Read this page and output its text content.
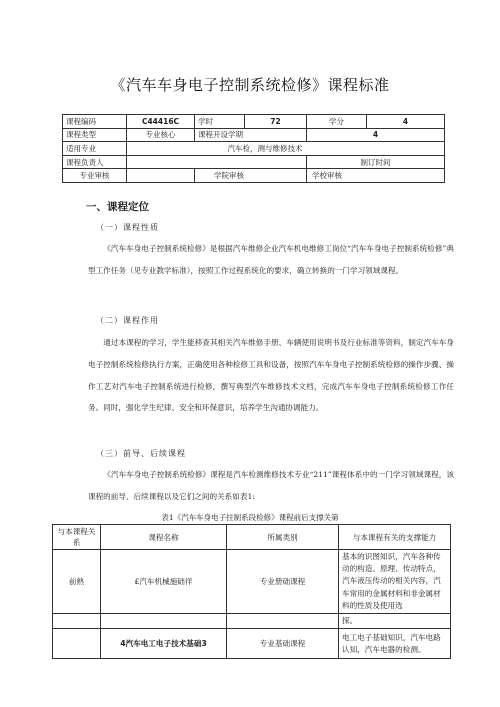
《汽车车身电子控制系统检修》课程标准
课程编码	C44416C	学时	72	学分	4
课程类型	专业核心	课程开设学期		4	
适用专业	汽车检，测与维修技术				
课程负责人				制订时间	
专业审核		学院审核		学校审核	
一、课程定位
（一）课程性质

《汽车车身电子控制系统检修》是根据汽车维修企业汽车机电维修工岗位“汽车车身电子控制系统检修”典型工作任务（见专业教学标准），按照工作过程系统化的要求，确立转换的一门学习领域课程。

（二）课程作用

通过本课程的学习，学生能移查其相关汽车维修手册、车辆使用说明书及行业标准等资料，制定汽车车身电子控制系统检修执行方案，正确使用各种检修工具和设备，按照汽车车身电子控制系统检修的操作步骤、操作工艺对汽车电子控制系统进行检修，撰写典型汽车维修技术文档，完成汽车车身电子控制系统检修工作任务。同时，强化学生纪律、安全和环保意识，培养学生沟通协调能力。

（三）前导、后续课程

《汽车车身电子控制系统检修》课程是汽车检测维修技术专业“211”课程体系中的一门学习领域课程，该课程的前导、后续课程以及它们之间的关系如表1:

表1《汽车车身电子拄制系段检修》课程前后支撑关第
与本课程关系	课程名称	所属类别	与本课程有关的支撑能力
前熟	£汽车机械施础徉	专业册础课程	基本的识图知识，汽车各种传动的构造、原理、传动特点，汽车液压传动的相关内容，汽车常用的金属材料和非金属材料的性质及使用选
			探。
	4汽车电工电子技术基础3	专业基础课程	电工电子基础知识，汽车电路认知，汽车电器的检测。
